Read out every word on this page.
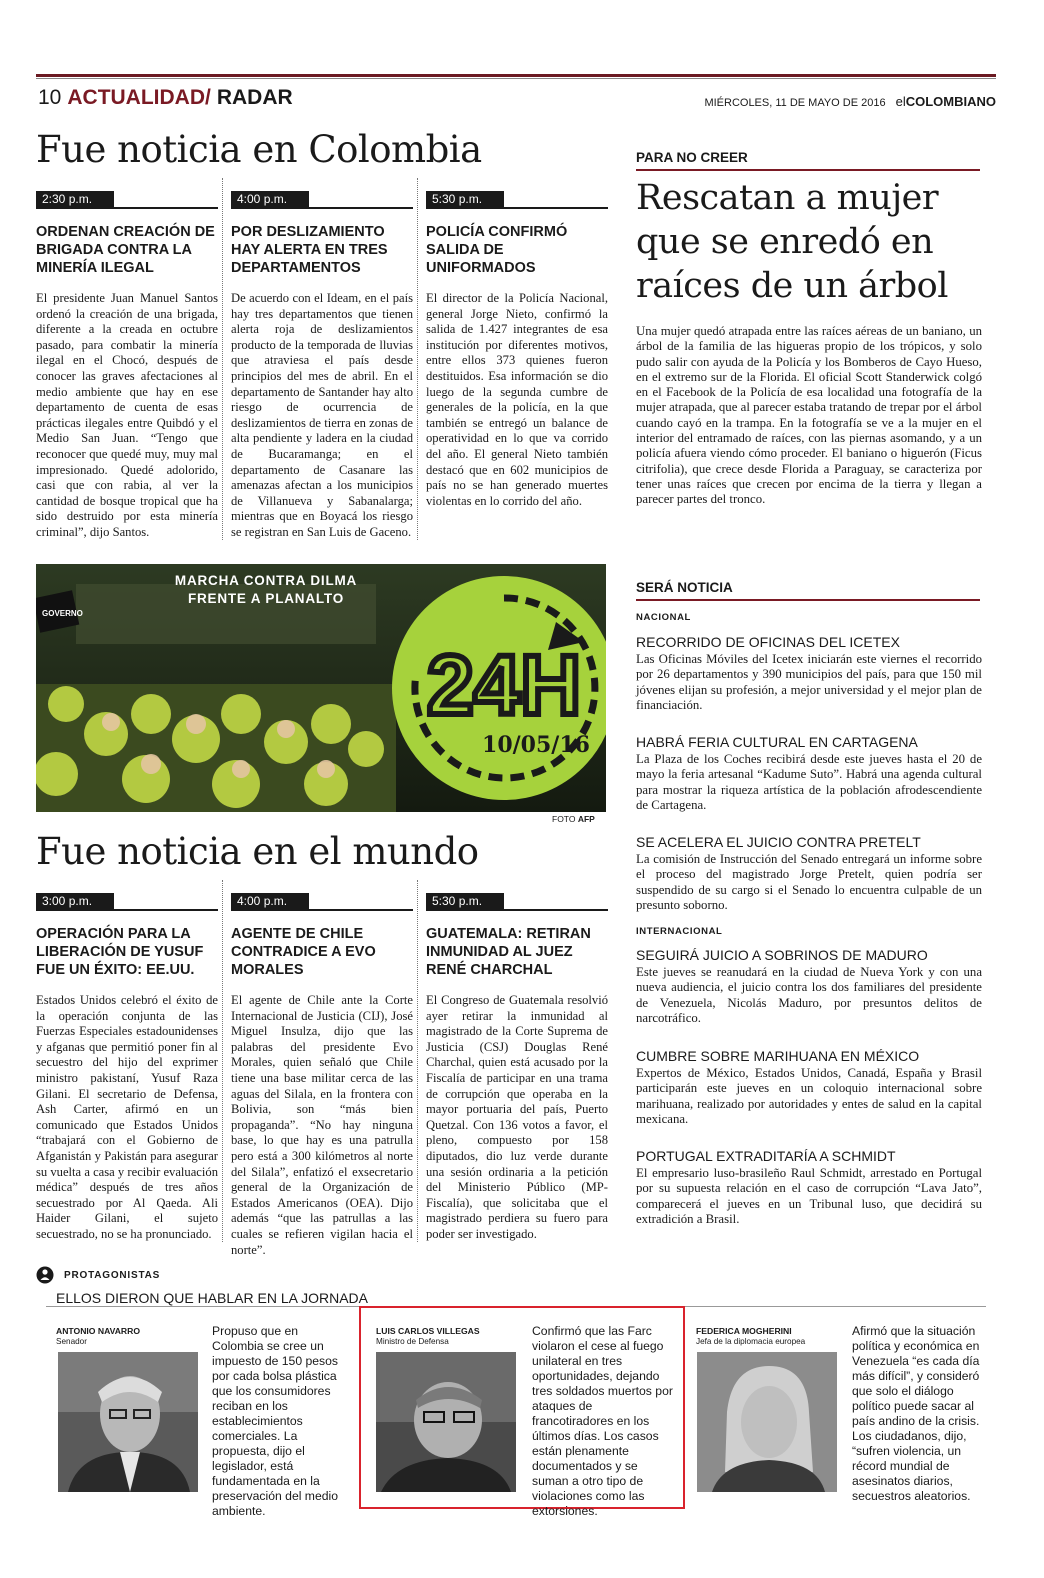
10 ACTUALIDAD/ RADAR	MIÉRCOLES, 11 DE MAYO DE 2016 elCOLOMBIANO
Fue noticia en Colombia
2:30 p.m.
ORDENAN CREACIÓN DE BRIGADA CONTRA LA MINERÍA ILEGAL
El presidente Juan Manuel Santos ordenó la creación de una brigada, diferente a la creada en octubre pasado, para combatir la minería ilegal en el Chocó, después de conocer las graves afectaciones al medio ambiente que hay en ese departamento de cuenta de esas prácticas ilegales entre Quibdó y el Medio San Juan. “Tengo que reconocer que quedé muy, muy mal impresionado. Quedé adolorido, casi que con rabia, al ver la cantidad de bosque tropical que ha sido destruido por esta minería criminal”, dijo Santos.
4:00 p.m.
POR DESLIZAMIENTO HAY ALERTA EN TRES DEPARTAMENTOS
De acuerdo con el Ideam, en el país hay tres departamentos que tienen alerta roja de deslizamientos producto de la temporada de lluvias que atraviesa el país desde principios del mes de abril. En el departamento de Santander hay alto riesgo de ocurrencia de deslizamientos de tierra en zonas de alta pendiente y ladera en la ciudad de Bucaramanga; en el departamento de Casanare las amenazas afectan a los municipios de Villanueva y Sabanalarga; mientras que en Boyacá los riesgo se registran en San Luis de Gaceno.
5:30 p.m.
POLICÍA CONFIRMÓ SALIDA DE UNIFORMADOS
El director de la Policía Nacional, general Jorge Nieto, confirmó la salida de 1.427 integrantes de esa institución por diferentes motivos, entre ellos 373 quienes fueron destituidos. Esa información se dio luego de la segunda cumbre de generales de la policía, en la que también se entregó un balance de operatividad en lo que va corrido del año. El general Nieto también destacó que en 602 municipios de país no se han generado muertes violentas en lo corrido del año.
PARA NO CREER
Rescatan a mujer que se enredó en raíces de un árbol
Una mujer quedó atrapada entre las raíces aéreas de un baniano, un árbol de la familia de las higueras propio de los trópicos, y solo pudo salir con ayuda de la Policía y los Bomberos de Cayo Hueso, en el extremo sur de la Florida. El oficial Scott Standerwick colgó en el Facebook de la Policía de esa localidad una fotografía de la mujer atrapada, que al parecer estaba tratando de trepar por el árbol cuando cayó en la trampa. En la fotografía se ve a la mujer en el interior del entramado de raíces, con las piernas asomando, y a un policía afuera viendo cómo proceder. El baniano o higuerón (Ficus citrifolia), que crece desde Florida a Paraguay, se caracteriza por tener unas raíces que crecen por encima de la tierra y llegan a parecer partes del tronco.
GOVERNO
24H
10/05/16
MARCHA CONTRA DILMA
FRENTE A PLANALTO
FOTO AFP
SERÁ NOTICIA
NACIONAL
RECORRIDO DE OFICINAS DEL ICETEX
Las Oficinas Móviles del Icetex iniciarán este viernes el recorrido por 26 departamentos y 390 municipios del país, para que 150 mil jóvenes elijan su profesión, a mejor universidad y el mejor plan de financiación.
HABRÁ FERIA CULTURAL EN CARTAGENA
La Plaza de los Coches recibirá desde este jueves hasta el 20 de mayo la feria artesanal “Kadume Suto”. Habrá una agenda cultural para mostrar la riqueza artística de la población afrodescendiente de Cartagena.
SE ACELERA EL JUICIO CONTRA PRETELT
La comisión de Instrucción del Senado entregará un informe sobre el proceso del magistrado Jorge Pretelt, quien podría ser suspendido de su cargo si el Senado lo encuentra culpable de un presunto soborno.
INTERNACIONAL
SEGUIRÁ JUICIO A SOBRINOS DE MADURO
Este jueves se reanudará en la ciudad de Nueva York y con una nueva audiencia, el juicio contra los dos familiares del presidente de Venezuela, Nicolás Maduro, por presuntos delitos de narcotráfico.
CUMBRE SOBRE MARIHUANA EN MÉXICO
Expertos de México, Estados Unidos, Canadá, España y Brasil participarán este jueves en un coloquio internacional sobre marihuana, realizado por autoridades y entes de salud en la capital mexicana.
PORTUGAL EXTRADITARÍA A SCHMIDT
El empresario luso-brasileño Raul Schmidt, arrestado en Portugal por su supuesta relación en el caso de corrupción “Lava Jato”, comparecerá el jueves en un Tribunal luso, que decidirá su extradición a Brasil.
Fue noticia en el mundo
3:00 p.m.
OPERACIÓN PARA LA LIBERACIÓN DE YUSUF FUE UN ÉXITO: EE.UU.
Estados Unidos celebró el éxito de la operación conjunta de las Fuerzas Especiales estadounidenses y afganas que permitió poner fin al secuestro del hijo del exprimer ministro pakistaní, Yusuf Raza Gilani. El secretario de Defensa, Ash Carter, afirmó en un comunicado que Estados Unidos “trabajará con el Gobierno de Afganistán y Pakistán para asegurar su vuelta a casa y recibir evaluación médica” después de tres años secuestrado por Al Qaeda. Ali Haider Gilani, el sujeto secuestrado, no se ha pronunciado.
4:00 p.m.
AGENTE DE CHILE CONTRADICE A EVO MORALES
El agente de Chile ante la Corte Internacional de Justicia (CIJ), José Miguel Insulza, dijo que las palabras del presidente Evo Morales, quien señaló que Chile tiene una base militar cerca de las aguas del Silala, en la frontera con Bolivia, son “más bien propaganda”. “No hay ninguna base, lo que hay es una patrulla pero está a 300 kilómetros al norte del Silala”, enfatizó el exsecretario general de la Organización de Estados Americanos (OEA). Dijo además “que las patrullas a las cuales se refieren vigilan hacia el norte”.
5:30 p.m.
GUATEMALA: RETIRAN INMUNIDAD AL JUEZ RENÉ CHARCHAL
El Congreso de Guatemala resolvió ayer retirar la inmunidad al magistrado de la Corte Suprema de Justicia (CSJ) Douglas René Charchal, quien está acusado por la Fiscalía de participar en una trama de corrupción que operaba en la mayor portuaria del país, Puerto Quetzal. Con 136 votos a favor, el pleno, compuesto por 158 diputados, dio luz verde durante una sesión ordinaria a la petición del Ministerio Público (MP-Fiscalía), que solicitaba que el magistrado perdiera su fuero para poder ser investigado.
PROTAGONISTAS
ELLOS DIERON QUE HABLAR EN LA JORNADA
ANTONIO NAVARRO
Senador
Propuso que en Colombia se cree un impuesto de 150 pesos por cada bolsa plástica que los consumidores reciban en los establecimientos comerciales. La propuesta, dijo el legislador, está fundamentada en la preservación del medio ambiente.
LUIS CARLOS VILLEGAS
Ministro de Defensa
Confirmó que las Farc violaron el cese al fuego unilateral en tres oportunidades, dejando tres soldados muertos por ataques de francotiradores en los últimos días. Los casos están plenamente documentados y se suman a otro tipo de violaciones como las extorsiones.
FEDERICA MOGHERINI
Jefa de la diplomacia europea
Afirmó que la situación política y económica en Venezuela “es cada día más difícil”, y consideró que solo el diálogo político puede sacar al país andino de la crisis. Los ciudadanos, dijo, “sufren violencia, un récord mundial de asesinatos diarios, secuestros aleatorios.
